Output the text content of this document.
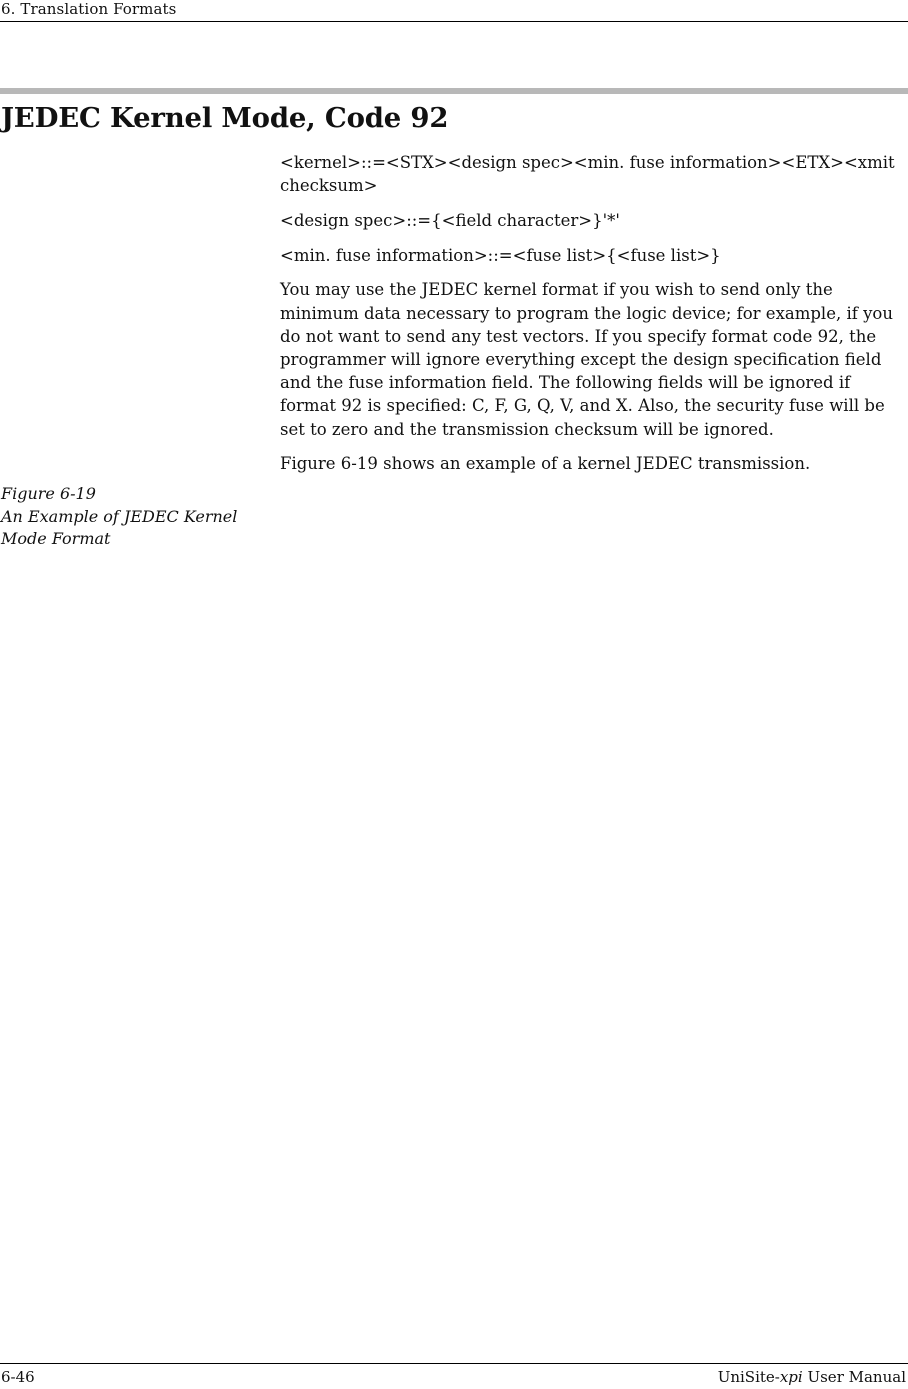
6. Translation Formats
JEDEC Kernel Mode, Code 92

<kernel>::=<STX><design spec><min. fuse information><ETX><xmit checksum>

<design spec>::={<field character>}'*'

<min. fuse information>::=<fuse list>{<fuse list>}

You may use the JEDEC kernel format if you wish to send only the minimum data necessary to program the logic device; for example, if you do not want to send any test vectors. If you specify format code 92, the programmer will ignore everything except the design specification field and the fuse information field. The following fields will be ignored if format 92 is specified: C, F, G, Q, V, and X. Also, the security fuse will be set to zero and the transmission checksum will be ignored.

Figure 6-19 shows an example of a kernel JEDEC transmission.

Figure 6-19
An Example of JEDEC Kernel
Mode Format
6-46	UniSite-xpi User Manual
